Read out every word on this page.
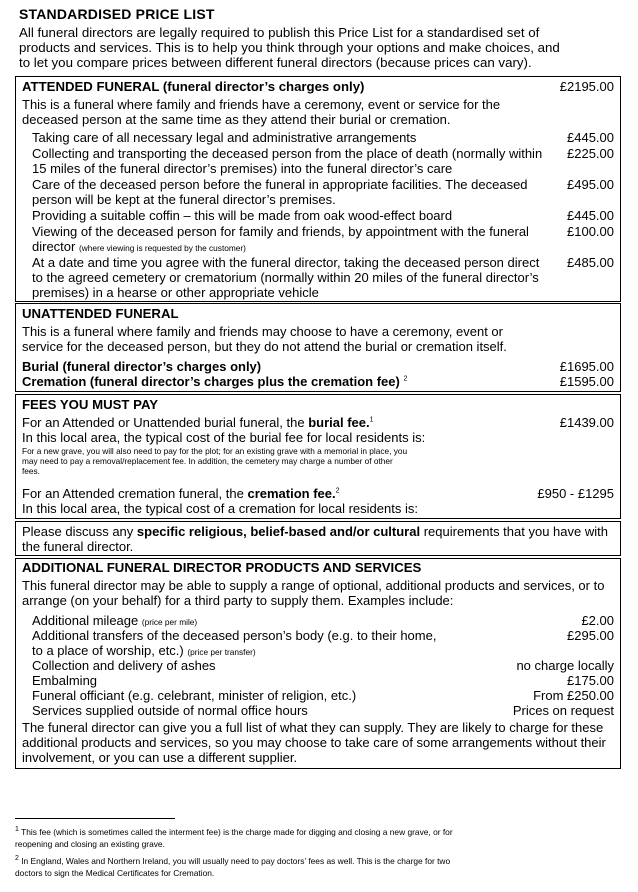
STANDARDISED PRICE LIST
All funeral directors are legally required to publish this Price List for a standardised set of
products and services. This is to help you think through your options and make choices, and
to let you compare prices between different funeral directors (because prices can vary).
ATTENDED FUNERAL (funeral director’s charges only)	£2195.00
This is a funeral where family and friends have a ceremony, event or service for the
deceased person at the same time as they attend their burial or cremation.
Taking care of all necessary legal and administrative arrangements	£445.00
Collecting and transporting the deceased person from the place of death (normally within
15 miles of the funeral director’s premises) into the funeral director’s care
£225.00
Care of the deceased person before the funeral in appropriate facilities. The deceased
person will be kept at the funeral director’s premises.
£495.00
Providing a suitable coffin – this will be made from oak wood-effect board	£445.00
Viewing of the deceased person for family and friends, by appointment with the funeral
director (where viewing is requested by the customer)
£100.00
At a date and time you agree with the funeral director, taking the deceased person direct
to the agreed cemetery or crematorium (normally within 20 miles of the funeral director’s
premises) in a hearse or other appropriate vehicle
£485.00
UNATTENDED FUNERAL
This is a funeral where family and friends may choose to have a ceremony, event or
service for the deceased person, but they do not attend the burial or cremation itself.
Burial (funeral director’s charges only)	£1695.00
Cremation (funeral director’s charges plus the cremation fee) $^2$	£1595.00
FEES YOU MUST PAY
For an Attended or Unattended burial funeral, the burial fee.$^1$	£1439.00
In this local area, the typical cost of the burial fee for local residents is:
For a new grave, you will also need to pay for the plot; for an existing grave with a memorial in place, you
may need to pay a removal/replacement fee. In addition, the cemetery may charge a number of other
fees.
For an Attended cremation funeral, the cremation fee.$^2$	£950 - £1295
In this local area, the typical cost of a cremation for local residents is:
Please discuss any specific religious, belief-based and/or cultural requirements that you have with
the funeral director.
ADDITIONAL FUNERAL DIRECTOR PRODUCTS AND SERVICES
This funeral director may be able to supply a range of optional, additional products and services, or to
arrange (on your behalf) for a third party to supply them. Examples include:
Additional mileage (price per mile)	£2.00
Additional transfers of the deceased person’s body (e.g. to their home,
to a place of worship, etc.) (price per transfer)
£295.00
Collection and delivery of ashes	no charge locally
Embalming	£175.00
Funeral officiant (e.g. celebrant, minister of religion, etc.)	From £250.00
Services supplied outside of normal office hours	Prices on request
The funeral director can give you a full list of what they can supply. They are likely to charge for these
additional products and services, so you may choose to take care of some arrangements without their
involvement, or you can use a different supplier.
$^1$ This fee (which is sometimes called the interment fee) is the charge made for digging and closing a new grave, or for
reopening and closing an existing grave.
$^2$ In England, Wales and Northern Ireland, you will usually need to pay doctors’ fees as well. This is the charge for two
doctors to sign the Medical Certificates for Cremation.
